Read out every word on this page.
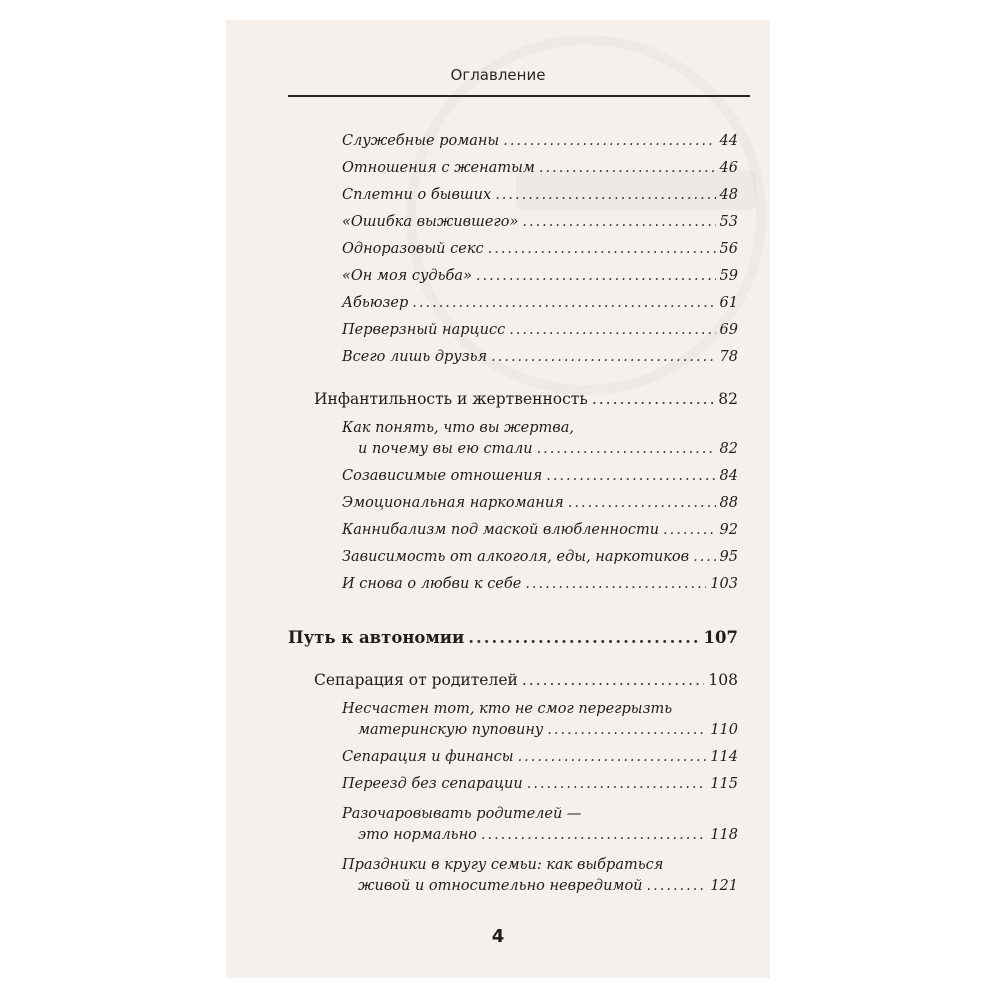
Оглавление
Служебные романы .....	44
Отношения с женатым .....	46
Сплетни о бывших .....	48
«Ошибка выжившего» .....	53
Одноразовый секс .....	56
«Он моя судьба» .....	59
Абьюзер .....	61
Перверзный нарцисс .....	69
Всего лишь друзья .....	78
Инфантильность и жертвенность .....	82
Как понять, что вы жертва,
и почему вы ею стали .....	82
Созависимые отношения .....	84
Эмоциональная наркомания .....	88
Каннибализм под маской влюбленности .....	92
Зависимость от алкоголя, еды, наркотиков ..... 95
И снова о любви к себе .....	103
Путь к автономии .....	107
Сепарация от родителей .....	108
Несчастен тот, кто не смог перегрызть
материнскую пуповину .....	110
Сепарация и финансы .....	114
Переезд без сепарации .....	115
Разочаровывать родителей —
это нормально .....	118
Праздники в кругу семьи: как выбраться
живой и относительно невредимой .....	121
4
